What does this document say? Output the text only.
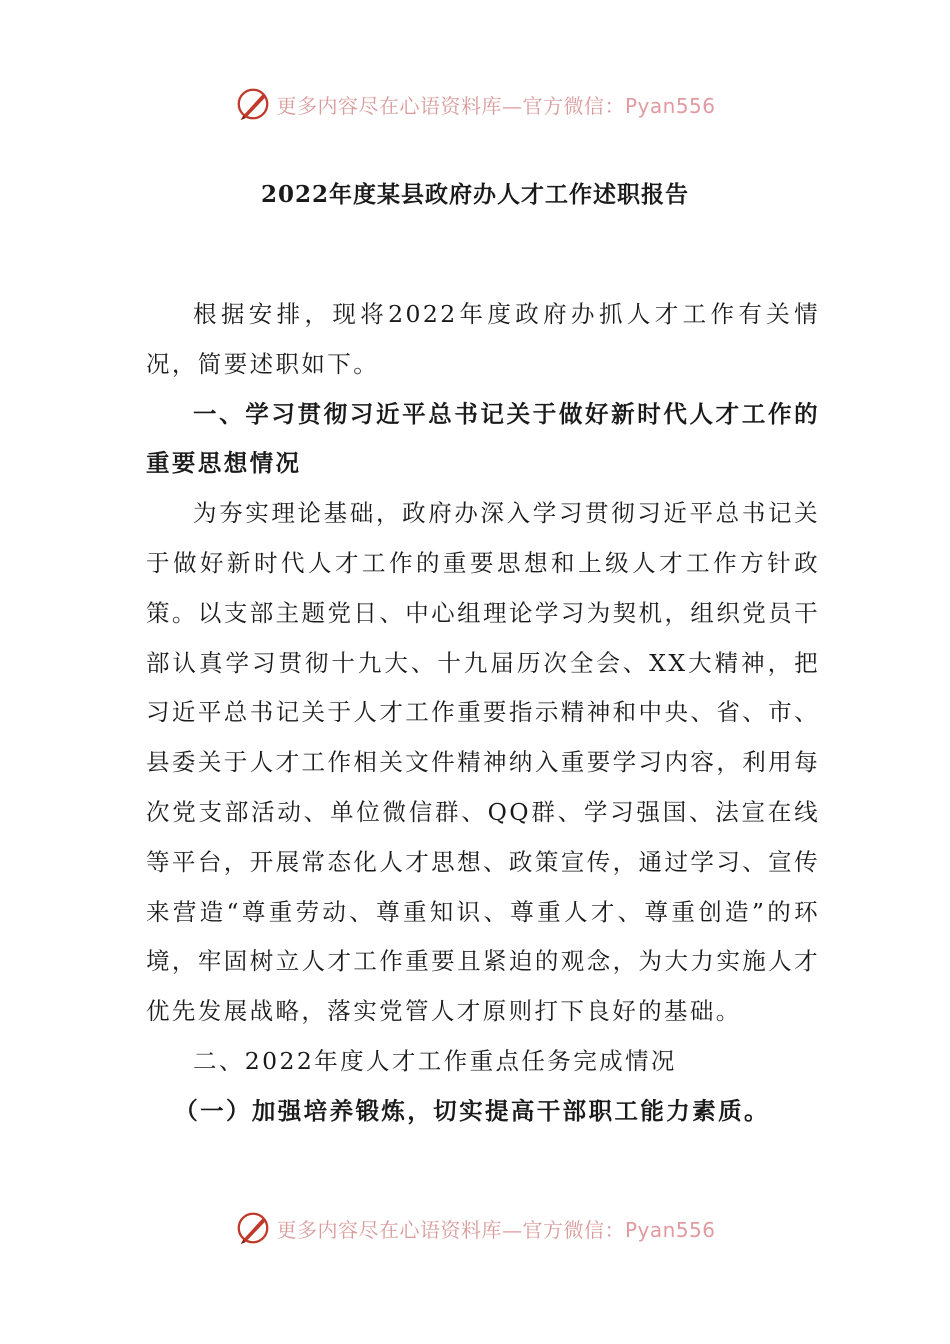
更多内容尽在心语资料库—官方微信：Pyan556
2022年度某县政府办人才工作述职报告

根据安排，现将2022年度政府办抓人才工作有关情况，简要述职如下。

一、学习贯彻习近平总书记关于做好新时代人才工作的重要思想情况

为夯实理论基础，政府办深入学习贯彻习近平总书记关于做好新时代人才工作的重要思想和上级人才工作方针政策。以支部主题党日、中心组理论学习为契机，组织党员干部认真学习贯彻十九大、十九届历次全会、XX大精神，把习近平总书记关于人才工作重要指示精神和中央、省、市、县委关于人才工作相关文件精神纳入重要学习内容，利用每次党支部活动、单位微信群、QQ群、学习强国、法宣在线等平台，开展常态化人才思想、政策宣传，通过学习、宣传来营造“尊重劳动、尊重知识、尊重人才、尊重创造”的环境，牢固树立人才工作重要且紧迫的观念，为大力实施人才优先发展战略，落实党管人才原则打下良好的基础。

二、2022年度人才工作重点任务完成情况

（一）加强培养锻炼，切实提高干部职工能力素质。

更多内容尽在心语资料库—官方微信：Pyan556
